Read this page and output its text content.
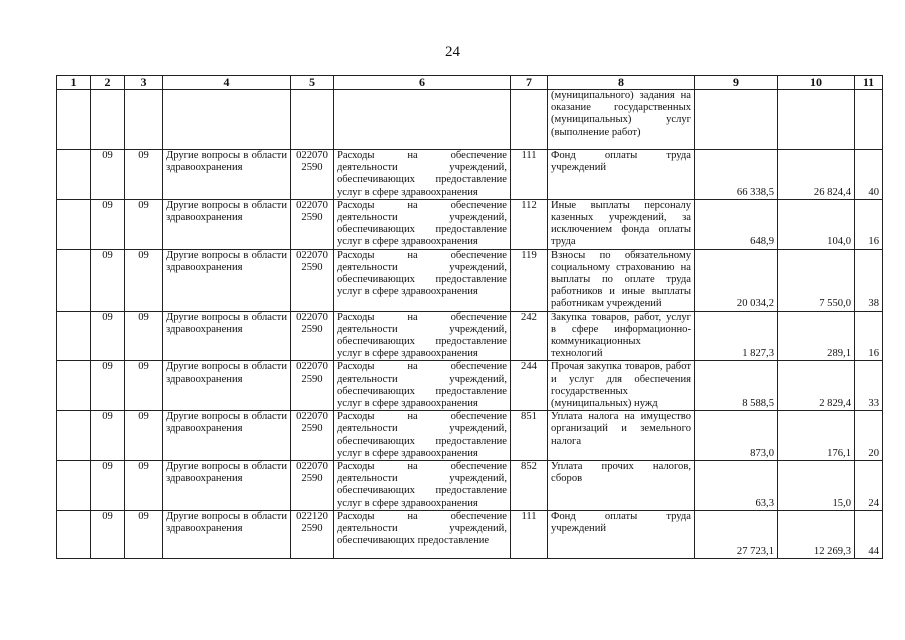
24
1	2	3	4	5	6	7	8	9	10	11
							(муниципального) задания на оказание государственных (муниципальных) услуг (выполнение работ)			
	09	09	Другие вопросы в области здравоохранения	022070 2590	Расходы на обеспечение деятельности учреждений, обеспечивающих предоставление услуг в сфере здравоохранения	111	Фонд оплаты труда учреждений	66 338,5	26 824,4	40
	09	09	Другие вопросы в области здравоохранения	022070 2590	Расходы на обеспечение деятельности учреждений, обеспечивающих предоставление услуг в сфере здравоохранения	112	Иные выплаты персоналу казенных учреждений, за исключением фонда оплаты труда	648,9	104,0	16
	09	09	Другие вопросы в области здравоохранения	022070 2590	Расходы на обеспечение деятельности учреждений, обеспечивающих предоставление услуг в сфере здравоохранения	119	Взносы по обязательному социальному страхованию на выплаты по оплате труда работников и иные выплаты работникам учреждений	20 034,2	7 550,0	38
	09	09	Другие вопросы в области здравоохранения	022070 2590	Расходы на обеспечение деятельности учреждений, обеспечивающих предоставление услуг в сфере здравоохранения	242	Закупка товаров, работ, услуг в сфере информационно-коммуникационных технологий	1 827,3	289,1	16
	09	09	Другие вопросы в области здравоохранения	022070 2590	Расходы на обеспечение деятельности учреждений, обеспечивающих предоставление услуг в сфере здравоохранения	244	Прочая закупка товаров, работ и услуг для обеспечения государственных (муниципальных) нужд	8 588,5	2 829,4	33
	09	09	Другие вопросы в области здравоохранения	022070 2590	Расходы на обеспечение деятельности учреждений, обеспечивающих предоставление услуг в сфере здравоохранения	851	Уплата налога на имущество организаций и земельного налога	873,0	176,1	20
	09	09	Другие вопросы в области здравоохранения	022070 2590	Расходы на обеспечение деятельности учреждений, обеспечивающих предоставление услуг в сфере здравоохранения	852	Уплата прочих налогов, сборов	63,3	15,0	24
	09	09	Другие вопросы в области здравоохранения	022120 2590	Расходы на обеспечение деятельности учреждений, обеспечивающих предоставление	111	Фонд оплаты труда учреждений	27 723,1	12 269,3	44
